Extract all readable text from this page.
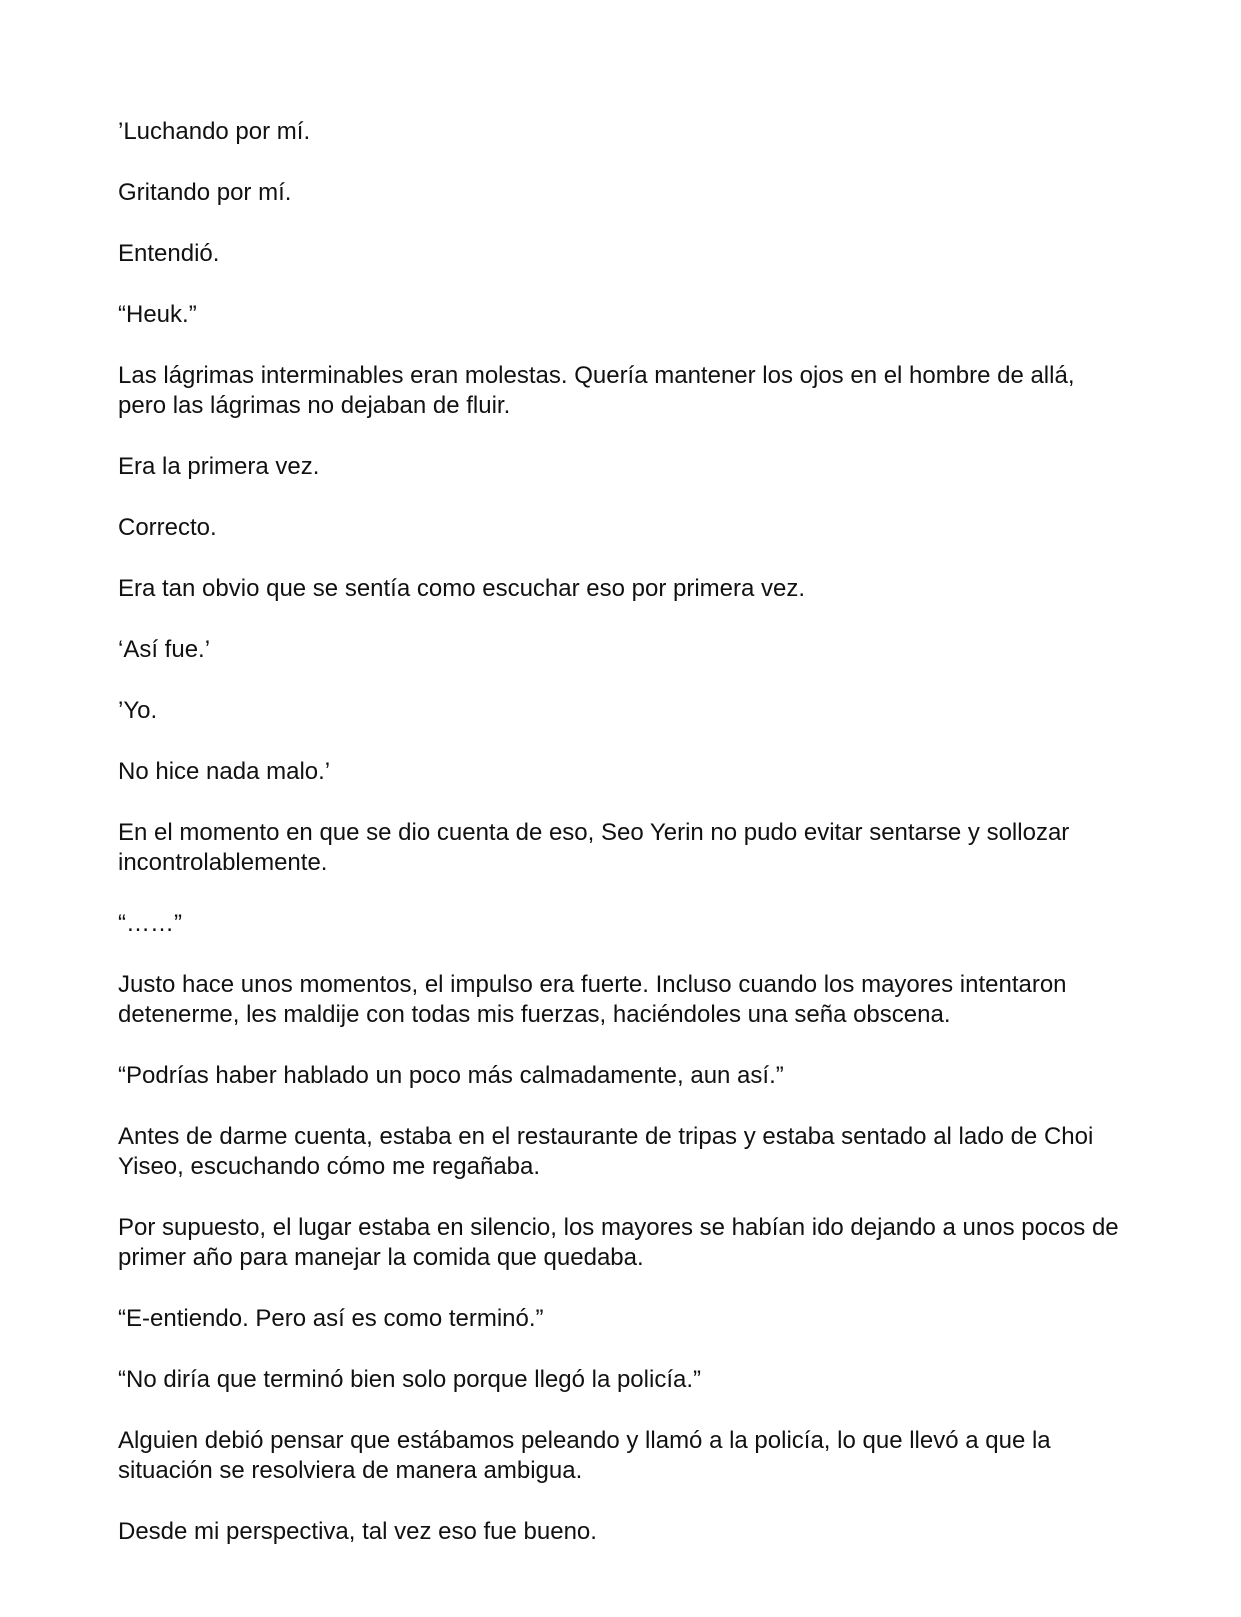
’Luchando por mí.

Gritando por mí.

Entendió.

“Heuk.”

Las lágrimas interminables eran molestas. Quería mantener los ojos en el hombre de allá, pero las lágrimas no dejaban de fluir.

Era la primera vez.

Correcto.

Era tan obvio que se sentía como escuchar eso por primera vez.

‘Así fue.’

’Yo.

No hice nada malo.’

En el momento en que se dio cuenta de eso, Seo Yerin no pudo evitar sentarse y sollozar incontrolablemente.

“……”

Justo hace unos momentos, el impulso era fuerte. Incluso cuando los mayores intentaron detenerme, les maldije con todas mis fuerzas, haciéndoles una seña obscena.

“Podrías haber hablado un poco más calmadamente, aun así.”

Antes de darme cuenta, estaba en el restaurante de tripas y estaba sentado al lado de Choi Yiseo, escuchando cómo me regañaba.

Por supuesto, el lugar estaba en silencio, los mayores se habían ido dejando a unos pocos de primer año para manejar la comida que quedaba.

“E-entiendo. Pero así es como terminó.”

“No diría que terminó bien solo porque llegó la policía.”

Alguien debió pensar que estábamos peleando y llamó a la policía, lo que llevó a que la situación se resolviera de manera ambigua.

Desde mi perspectiva, tal vez eso fue bueno.
